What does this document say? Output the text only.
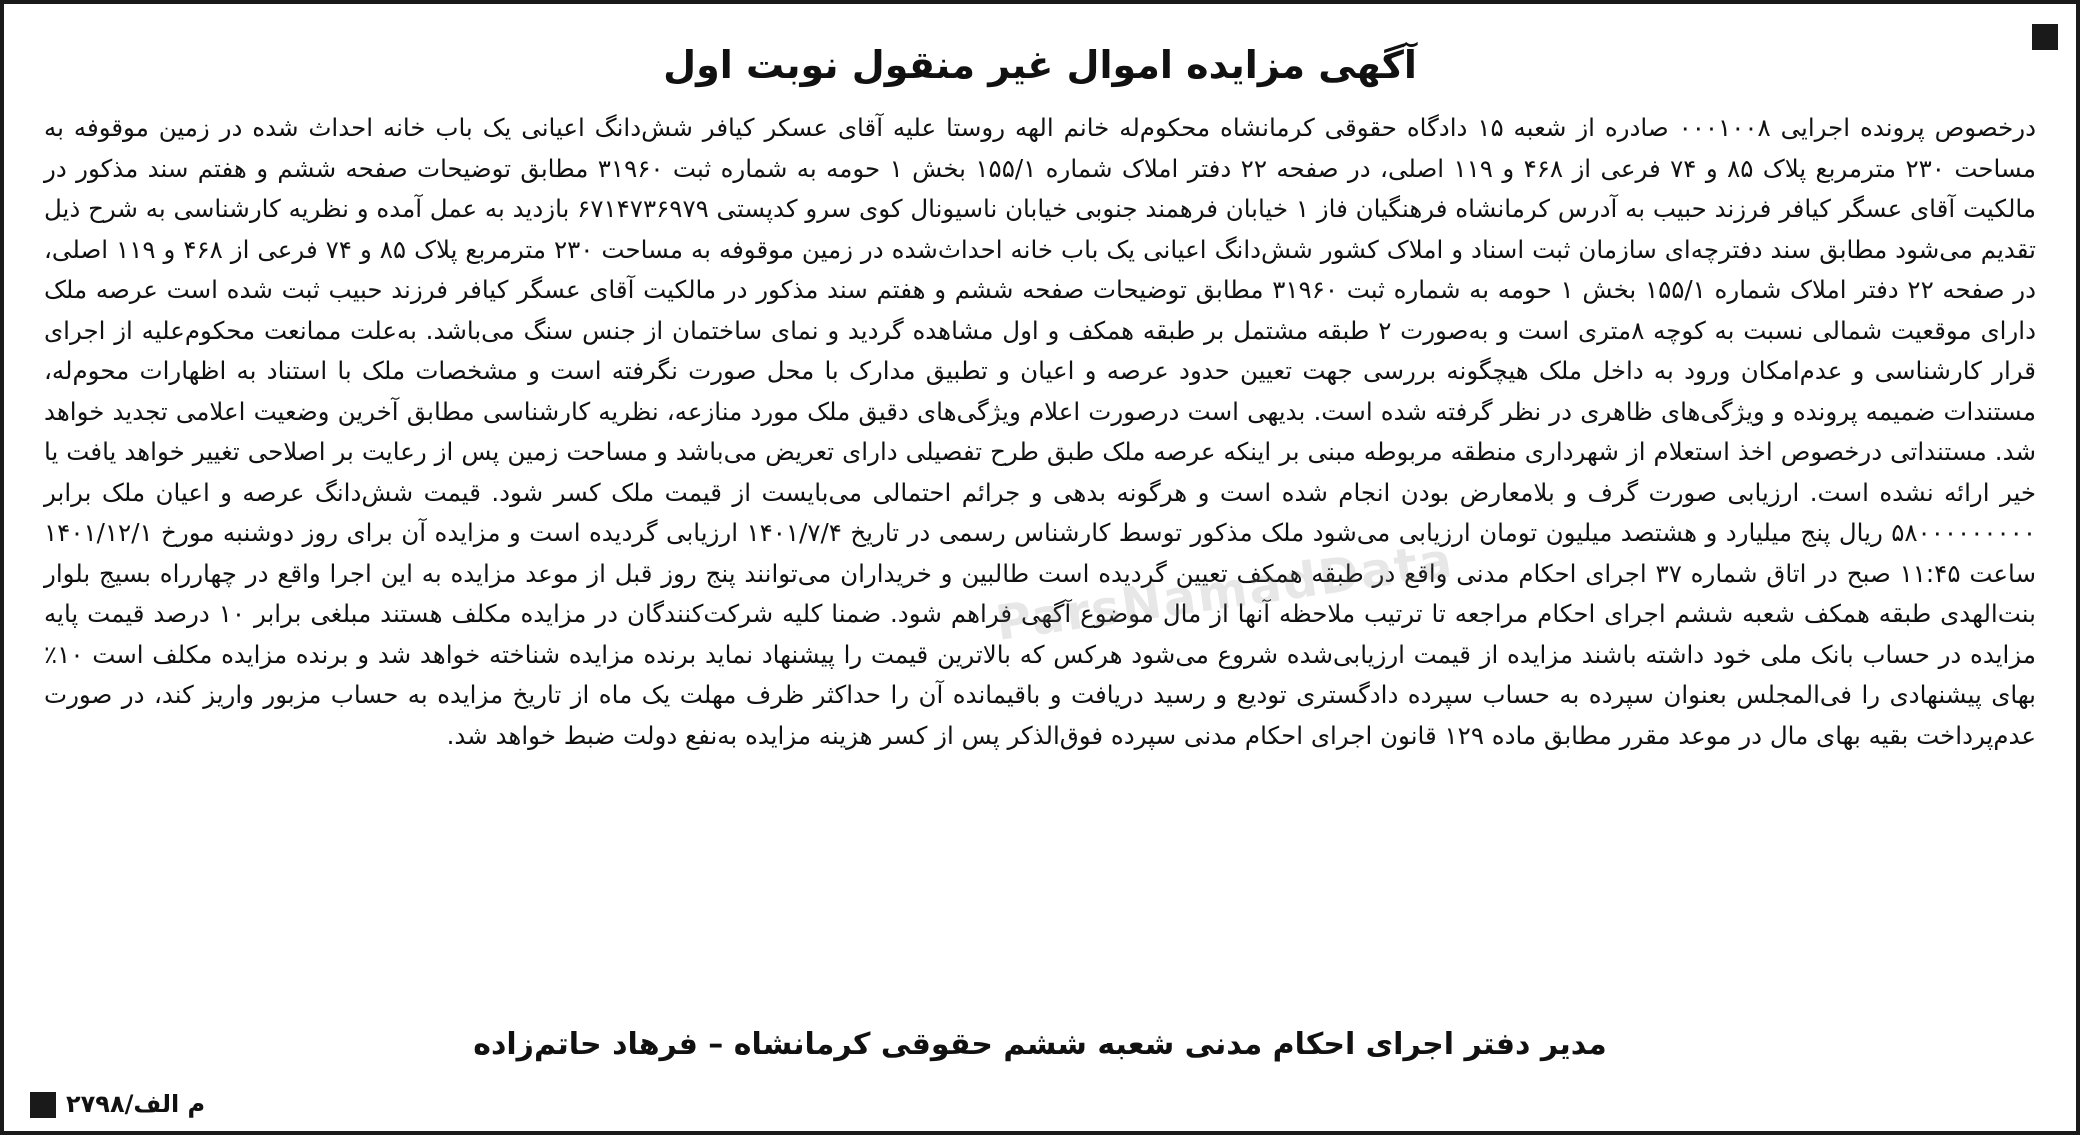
آگهی مزایده اموال غیر منقول نوبت اول

درخصوص پرونده اجرایی ۰۰۰۱۰۰۸ صادره از شعبه ۱۵ دادگاه حقوقی کرمانشاه محکوم‌له خانم الهه روستا علیه آقای عسکر کیافر شش‌دانگ اعیانی یک باب خانه احداث شده در زمین موقوفه به مساحت ۲۳۰ مترمربع پلاک ۸۵ و ۷۴ فرعی از ۴۶۸ و ۱۱۹ اصلی، در صفحه ۲۲ دفتر املاک شماره ۱۵۵/۱ بخش ۱ حومه به شماره ثبت ۳۱۹۶۰ مطابق توضیحات صفحه ششم و هفتم سند مذکور در مالکیت آقای عسگر کیافر فرزند حبیب به آدرس کرمانشاه فرهنگیان فاز ۱ خیابان فرهمند جنوبی خیابان ناسیونال کوی سرو کدپستی ۶۷۱۴۷۳۶۹۷۹ بازدید به عمل آمده و نظریه کارشناسی به شرح ذیل تقدیم می‌شود مطابق سند دفترچه‌ای سازمان ثبت اسناد و املاک کشور شش‌دانگ اعیانی یک باب خانه احداث‌شده در زمین موقوفه به مساحت ۲۳۰ مترمربع پلاک ۸۵ و ۷۴ فرعی از ۴۶۸ و ۱۱۹ اصلی، در صفحه ۲۲ دفتر املاک شماره ۱۵۵/۱ بخش ۱ حومه به شماره ثبت ۳۱۹۶۰ مطابق توضیحات صفحه ششم و هفتم سند مذکور در مالکیت آقای عسگر کیافر فرزند حبیب ثبت شده است عرصه ملک دارای موقعیت شمالی نسبت به کوچه ۸متری است و به‌صورت ۲ طبقه مشتمل بر طبقه همکف و اول مشاهده گردید و نمای ساختمان از جنس سنگ می‌باشد. به‌علت ممانعت محکوم‌علیه از اجرای قرار کارشناسی و عدم‌امکان ورود به داخل ملک هیچگونه بررسی جهت تعیین حدود عرصه و اعیان و تطبیق مدارک با محل صورت نگرفته است و مشخصات ملک با استناد به اظهارات محوم‌له، مستندات ضمیمه پرونده و ویژگی‌های ظاهری در نظر گرفته شده است. بدیهی است درصورت اعلام ویژگی‌های دقیق ملک مورد منازعه، نظریه کارشناسی مطابق آخرین وضعیت اعلامی تجدید خواهد شد. مستنداتی درخصوص اخذ استعلام از شهرداری منطقه مربوطه مبنی بر اینکه عرصه ملک طبق طرح تفصیلی دارای تعریض می‌باشد و مساحت زمین پس از رعایت بر اصلاحی تغییر خواهد یافت یا خیر ارائه نشده است. ارزیابی صورت گرف و بلامعارض بودن انجام شده است و هرگونه بدهی و جرائم احتمالی می‌بایست از قیمت ملک کسر شود. قیمت شش‌دانگ عرصه و اعیان ملک برابر ۵۸۰۰۰۰۰۰۰۰۰ ریال پنج میلیارد و هشتصد میلیون تومان ارزیابی می‌شود ملک مذکور توسط کارشناس رسمی در تاریخ ۱۴۰۱/۷/۴ ارزیابی گردیده است و مزایده آن برای روز دوشنبه مورخ ۱۴۰۱/۱۲/۱ ساعت ۱۱:۴۵ صبح در اتاق شماره ۳۷ اجرای احکام مدنی واقع در طبقه همکف تعیین گردیده است طالبین و خریداران می‌توانند پنج روز قبل از موعد مزایده به این اجرا واقع در چهارراه بسیج بلوار بنت‌الهدی طبقه همکف شعبه ششم اجرای احکام مراجعه تا ترتیب ملاحظه آنها از مال موضوع آگهی فراهم شود. ضمنا کلیه شرکت‌کنندگان در مزایده مکلف هستند مبلغی برابر ۱۰ درصد قیمت پایه مزایده در حساب بانک ملی خود داشته باشند مزایده از قیمت ارزیابی‌شده شروع می‌شود هرکس که بالاترین قیمت را پیشنهاد نماید برنده مزایده شناخته خواهد شد و برنده مزایده مکلف است ۱۰٪ بهای پیشنهادی را فی‌المجلس بعنوان سپرده به حساب سپرده دادگستری تودیع و رسید دریافت و باقیمانده آن را حداکثر ظرف مهلت یک ماه از تاریخ مزایده به حساب مزبور واریز کند، در صورت عدم‌پرداخت بقیه بهای مال در موعد مقرر مطابق ماده ۱۲۹ قانون اجرای احکام مدنی سپرده فوق‌الذکر پس از کسر هزینه مزایده به‌نفع دولت ضبط خواهد شد.

ParsNamadData

مدیر دفتر اجرای احکام مدنی شعبه ششم حقوقی کرمانشاه – فرهاد حاتم‌زاده

م الف/۲۷۹۸
